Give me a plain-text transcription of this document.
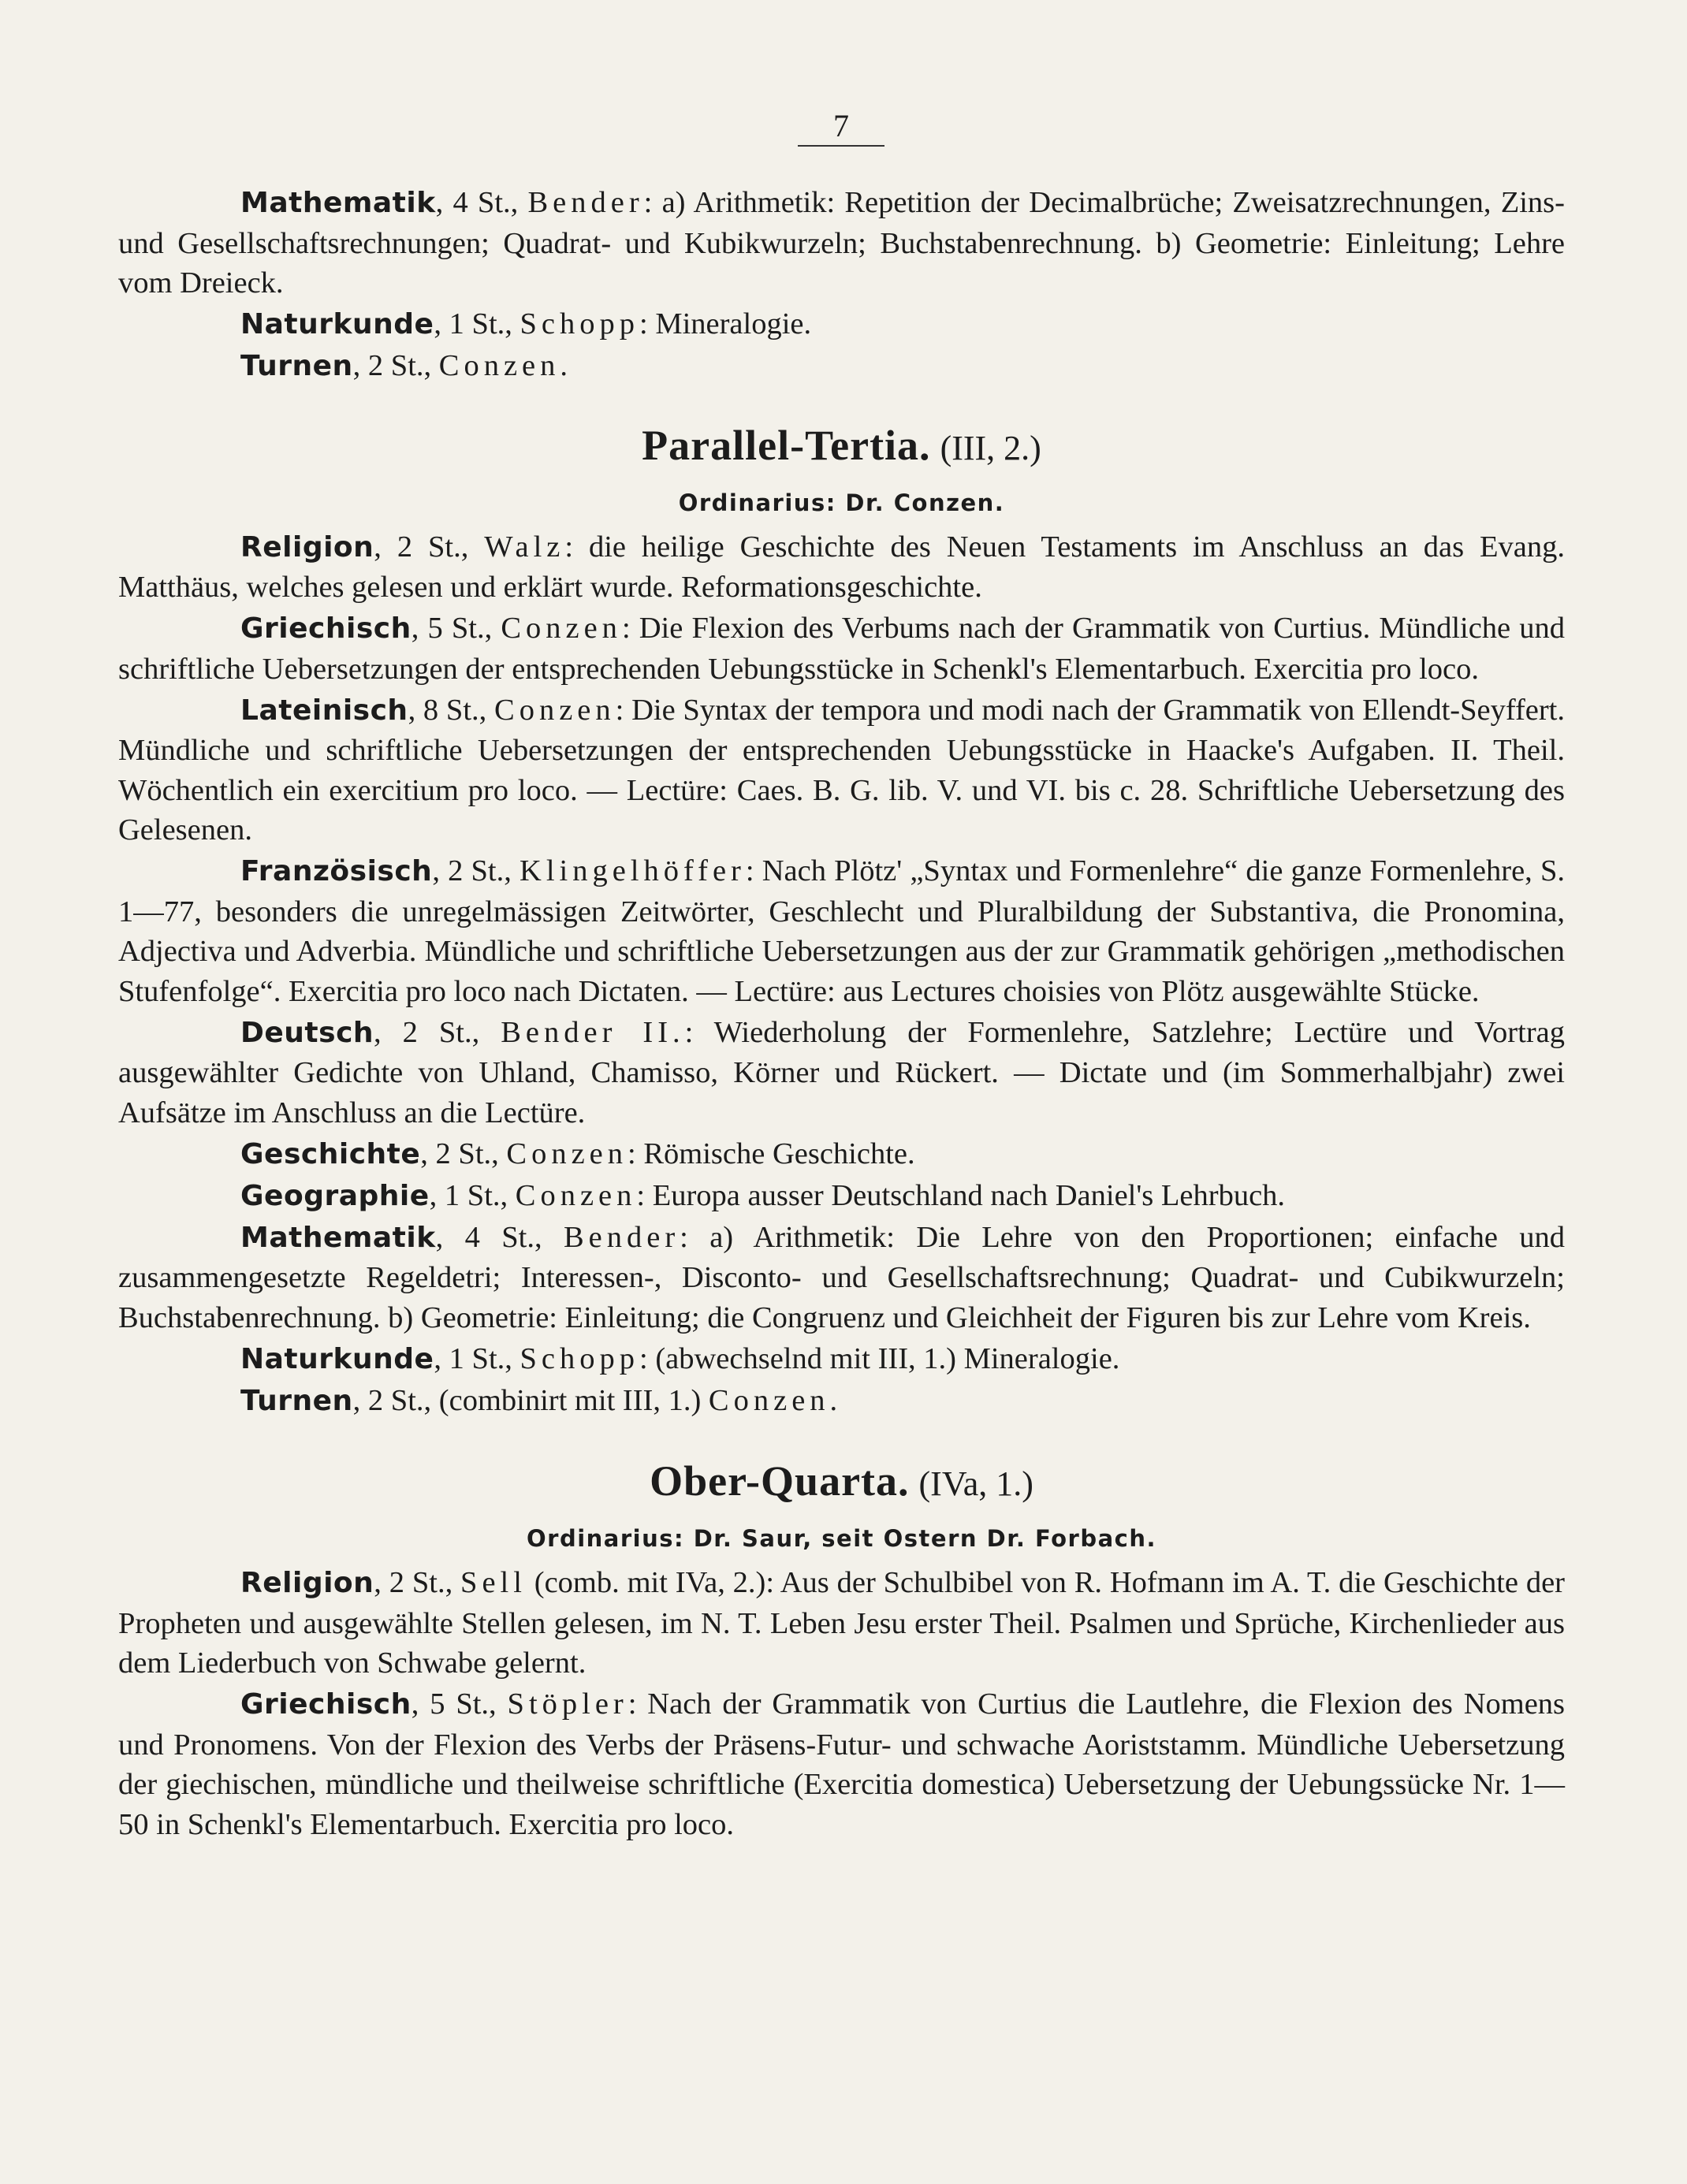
7

Mathematik, 4 St., Bender: a) Arithmetik: Repetition der Decimalbrüche; Zweisatzrechnungen, Zins- und Gesellschaftsrechnungen; Quadrat- und Kubikwurzeln; Buchstabenrechnung. b) Geometrie: Einleitung; Lehre vom Dreieck.

Naturkunde, 1 St., Schopp: Mineralogie.

Turnen, 2 St., Conzen.

Parallel-Tertia. (III, 2.)
Ordinarius: Dr. Conzen.

Religion, 2 St., Walz: die heilige Geschichte des Neuen Testaments im Anschluss an das Evang. Matthäus, welches gelesen und erklärt wurde. Reformationsgeschichte.

Griechisch, 5 St., Conzen: Die Flexion des Verbums nach der Grammatik von Curtius. Mündliche und schriftliche Uebersetzungen der entsprechenden Uebungsstücke in Schenkl's Elementarbuch. Exercitia pro loco.

Lateinisch, 8 St., Conzen: Die Syntax der tempora und modi nach der Grammatik von Ellendt-Seyffert. Mündliche und schriftliche Uebersetzungen der entsprechenden Uebungsstücke in Haacke's Aufgaben. II. Theil. Wöchentlich ein exercitium pro loco. — Lectüre: Caes. B. G. lib. V. und VI. bis c. 28. Schriftliche Uebersetzung des Gelesenen.

Französisch, 2 St., Klingelhöffer: Nach Plötz' „Syntax und Formenlehre“ die ganze Formenlehre, S. 1—77, besonders die unregelmässigen Zeitwörter, Geschlecht und Pluralbildung der Substantiva, die Pronomina, Adjectiva und Adverbia. Mündliche und schriftliche Uebersetzungen aus der zur Grammatik gehörigen „methodischen Stufenfolge“. Exercitia pro loco nach Dictaten. — Lectüre: aus Lectures choisies von Plötz ausgewählte Stücke.

Deutsch, 2 St., Bender II.: Wiederholung der Formenlehre, Satzlehre; Lectüre und Vortrag ausgewählter Gedichte von Uhland, Chamisso, Körner und Rückert. — Dictate und (im Sommerhalbjahr) zwei Aufsätze im Anschluss an die Lectüre.

Geschichte, 2 St., Conzen: Römische Geschichte.

Geographie, 1 St., Conzen: Europa ausser Deutschland nach Daniel's Lehrbuch.

Mathematik, 4 St., Bender: a) Arithmetik: Die Lehre von den Proportionen; einfache und zusammengesetzte Regeldetri; Interessen-, Disconto- und Gesellschaftsrechnung; Quadrat- und Cubikwurzeln; Buchstabenrechnung. b) Geometrie: Einleitung; die Congruenz und Gleichheit der Figuren bis zur Lehre vom Kreis.

Naturkunde, 1 St., Schopp: (abwechselnd mit III, 1.) Mineralogie.

Turnen, 2 St., (combinirt mit III, 1.) Conzen.

Ober-Quarta. (IVa, 1.)
Ordinarius: Dr. Saur, seit Ostern Dr. Forbach.

Religion, 2 St., Sell (comb. mit IVa, 2.): Aus der Schulbibel von R. Hofmann im A. T. die Geschichte der Propheten und ausgewählte Stellen gelesen, im N. T. Leben Jesu erster Theil. Psalmen und Sprüche, Kirchenlieder aus dem Liederbuch von Schwabe gelernt.

Griechisch, 5 St., Stöpler: Nach der Grammatik von Curtius die Lautlehre, die Flexion des Nomens und Pronomens. Von der Flexion des Verbs der Präsens-Futur- und schwache Aoriststamm. Mündliche Uebersetzung der giechischen, mündliche und theilweise schriftliche (Exercitia domestica) Uebersetzung der Uebungssücke Nr. 1—50 in Schenkl's Elementarbuch. Exercitia pro loco.
